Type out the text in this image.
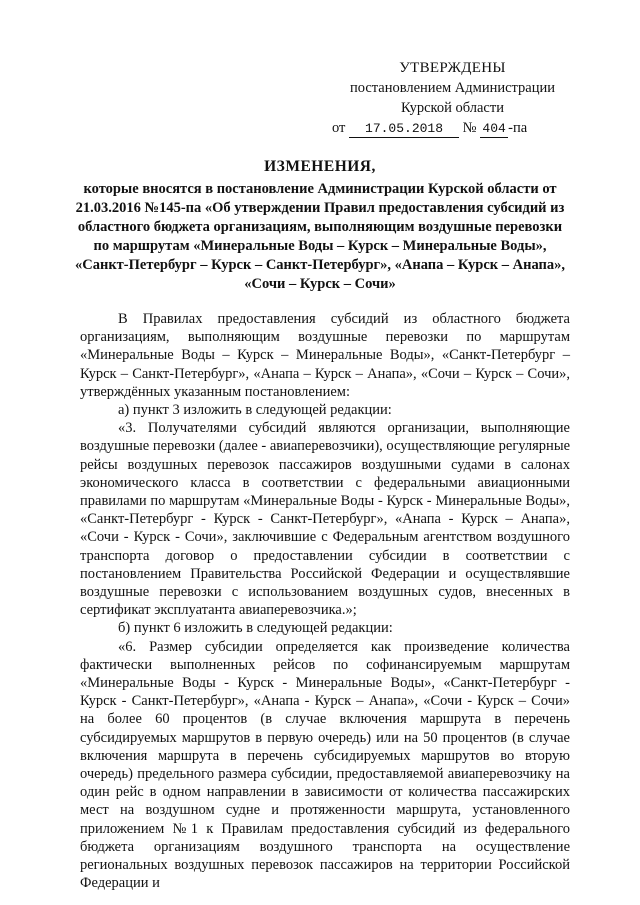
УТВЕРЖДЕНЫ
постановлением Администрации
Курской области
от 17.05.2018 № 404 -па
ИЗМЕНЕНИЯ,
которые вносятся в постановление Администрации Курской области от 21.03.2016 №145-па «Об утверждении Правил предоставления субсидий из областного бюджета организациям, выполняющим воздушные перевозки по маршрутам «Минеральные Воды – Курск – Минеральные Воды», «Санкт-Петербург – Курск – Санкт-Петербург», «Анапа – Курск – Анапа», «Сочи – Курск – Сочи»

В Правилах предоставления субсидий из областного бюджета организациям, выполняющим воздушные перевозки по маршрутам «Минеральные Воды – Курск – Минеральные Воды», «Санкт-Петербург – Курск – Санкт-Петербург», «Анапа – Курск – Анапа», «Сочи – Курск – Сочи», утверждённых указанным постановлением:

а) пункт 3 изложить в следующей редакции:

«3. Получателями субсидий являются организации, выполняющие воздушные перевозки (далее - авиаперевозчики), осуществляющие регулярные рейсы воздушных перевозок пассажиров воздушными судами в салонах экономического класса в соответствии с федеральными авиационными правилами по маршрутам «Минеральные Воды - Курск - Минеральные Воды», «Санкт-Петербург - Курск - Санкт-Петербург», «Анапа - Курск – Анапа», «Сочи - Курск - Сочи», заключившие с Федеральным агентством воздушного транспорта договор о предоставлении субсидии в соответствии с постановлением Правительства Российской Федерации и осуществлявшие воздушные перевозки с использованием воздушных судов, внесенных в сертификат эксплуатанта авиаперевозчика.»;

б) пункт 6 изложить в следующей редакции:

«6. Размер субсидии определяется как произведение количества фактически выполненных рейсов по софинансируемым маршрутам «Минеральные Воды - Курск - Минеральные Воды», «Санкт-Петербург - Курск - Санкт-Петербург», «Анапа - Курск – Анапа», «Сочи - Курск – Сочи» на более 60 процентов (в случае включения маршрута в перечень субсидируемых маршрутов в первую очередь) или на 50 процентов (в случае включения маршрута в перечень субсидируемых маршрутов во вторую очередь) предельного размера субсидии, предоставляемой авиаперевозчику на один рейс в одном направлении в зависимости от количества пассажирских мест на воздушном судне и протяженности маршрута, установленного приложением №1 к Правилам предоставления субсидий из федерального бюджета организациям воздушного транспорта на осуществление региональных воздушных перевозок пассажиров на территории Российской Федерации и
